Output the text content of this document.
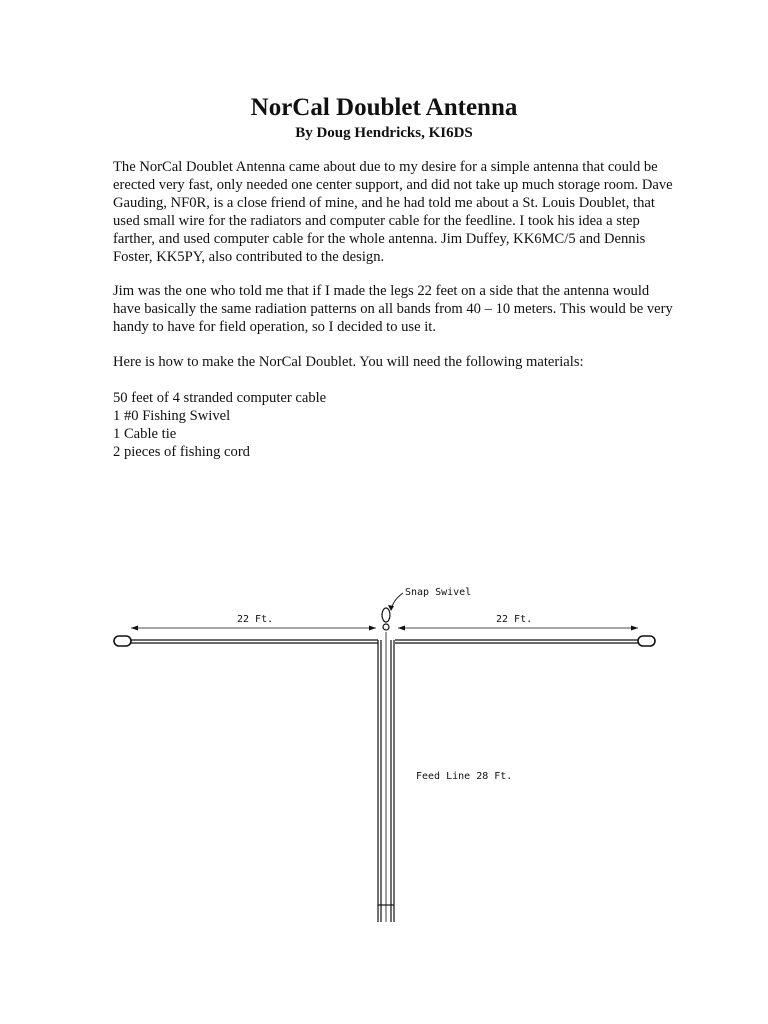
NorCal Doublet Antenna
By Doug Hendricks, KI6DS

The NorCal Doublet Antenna came about due to my desire for a simple antenna that could be erected very fast, only needed one center support, and did not take up much storage room. Dave Gauding, NF0R, is a close friend of mine, and he had told me about a St. Louis Doublet, that used small wire for the radiators and computer cable for the feedline. I took his idea a step farther, and used computer cable for the whole antenna. Jim Duffey, KK6MC/5 and Dennis Foster, KK5PY, also contributed to the design.

Jim was the one who told me that if I made the legs 22 feet on a side that the antenna would have basically the same radiation patterns on all bands from 40 – 10 meters. This would be very handy to have for field operation, so I decided to use it.

Here is how to make the NorCal Doublet. You will need the following materials:

50 feet of 4 stranded computer cable
1 #0 Fishing Swivel
1 Cable tie
2 pieces of fishing cord
22 Ft.	22 Ft.
Snap Swivel
Feed Line 28 Ft.
